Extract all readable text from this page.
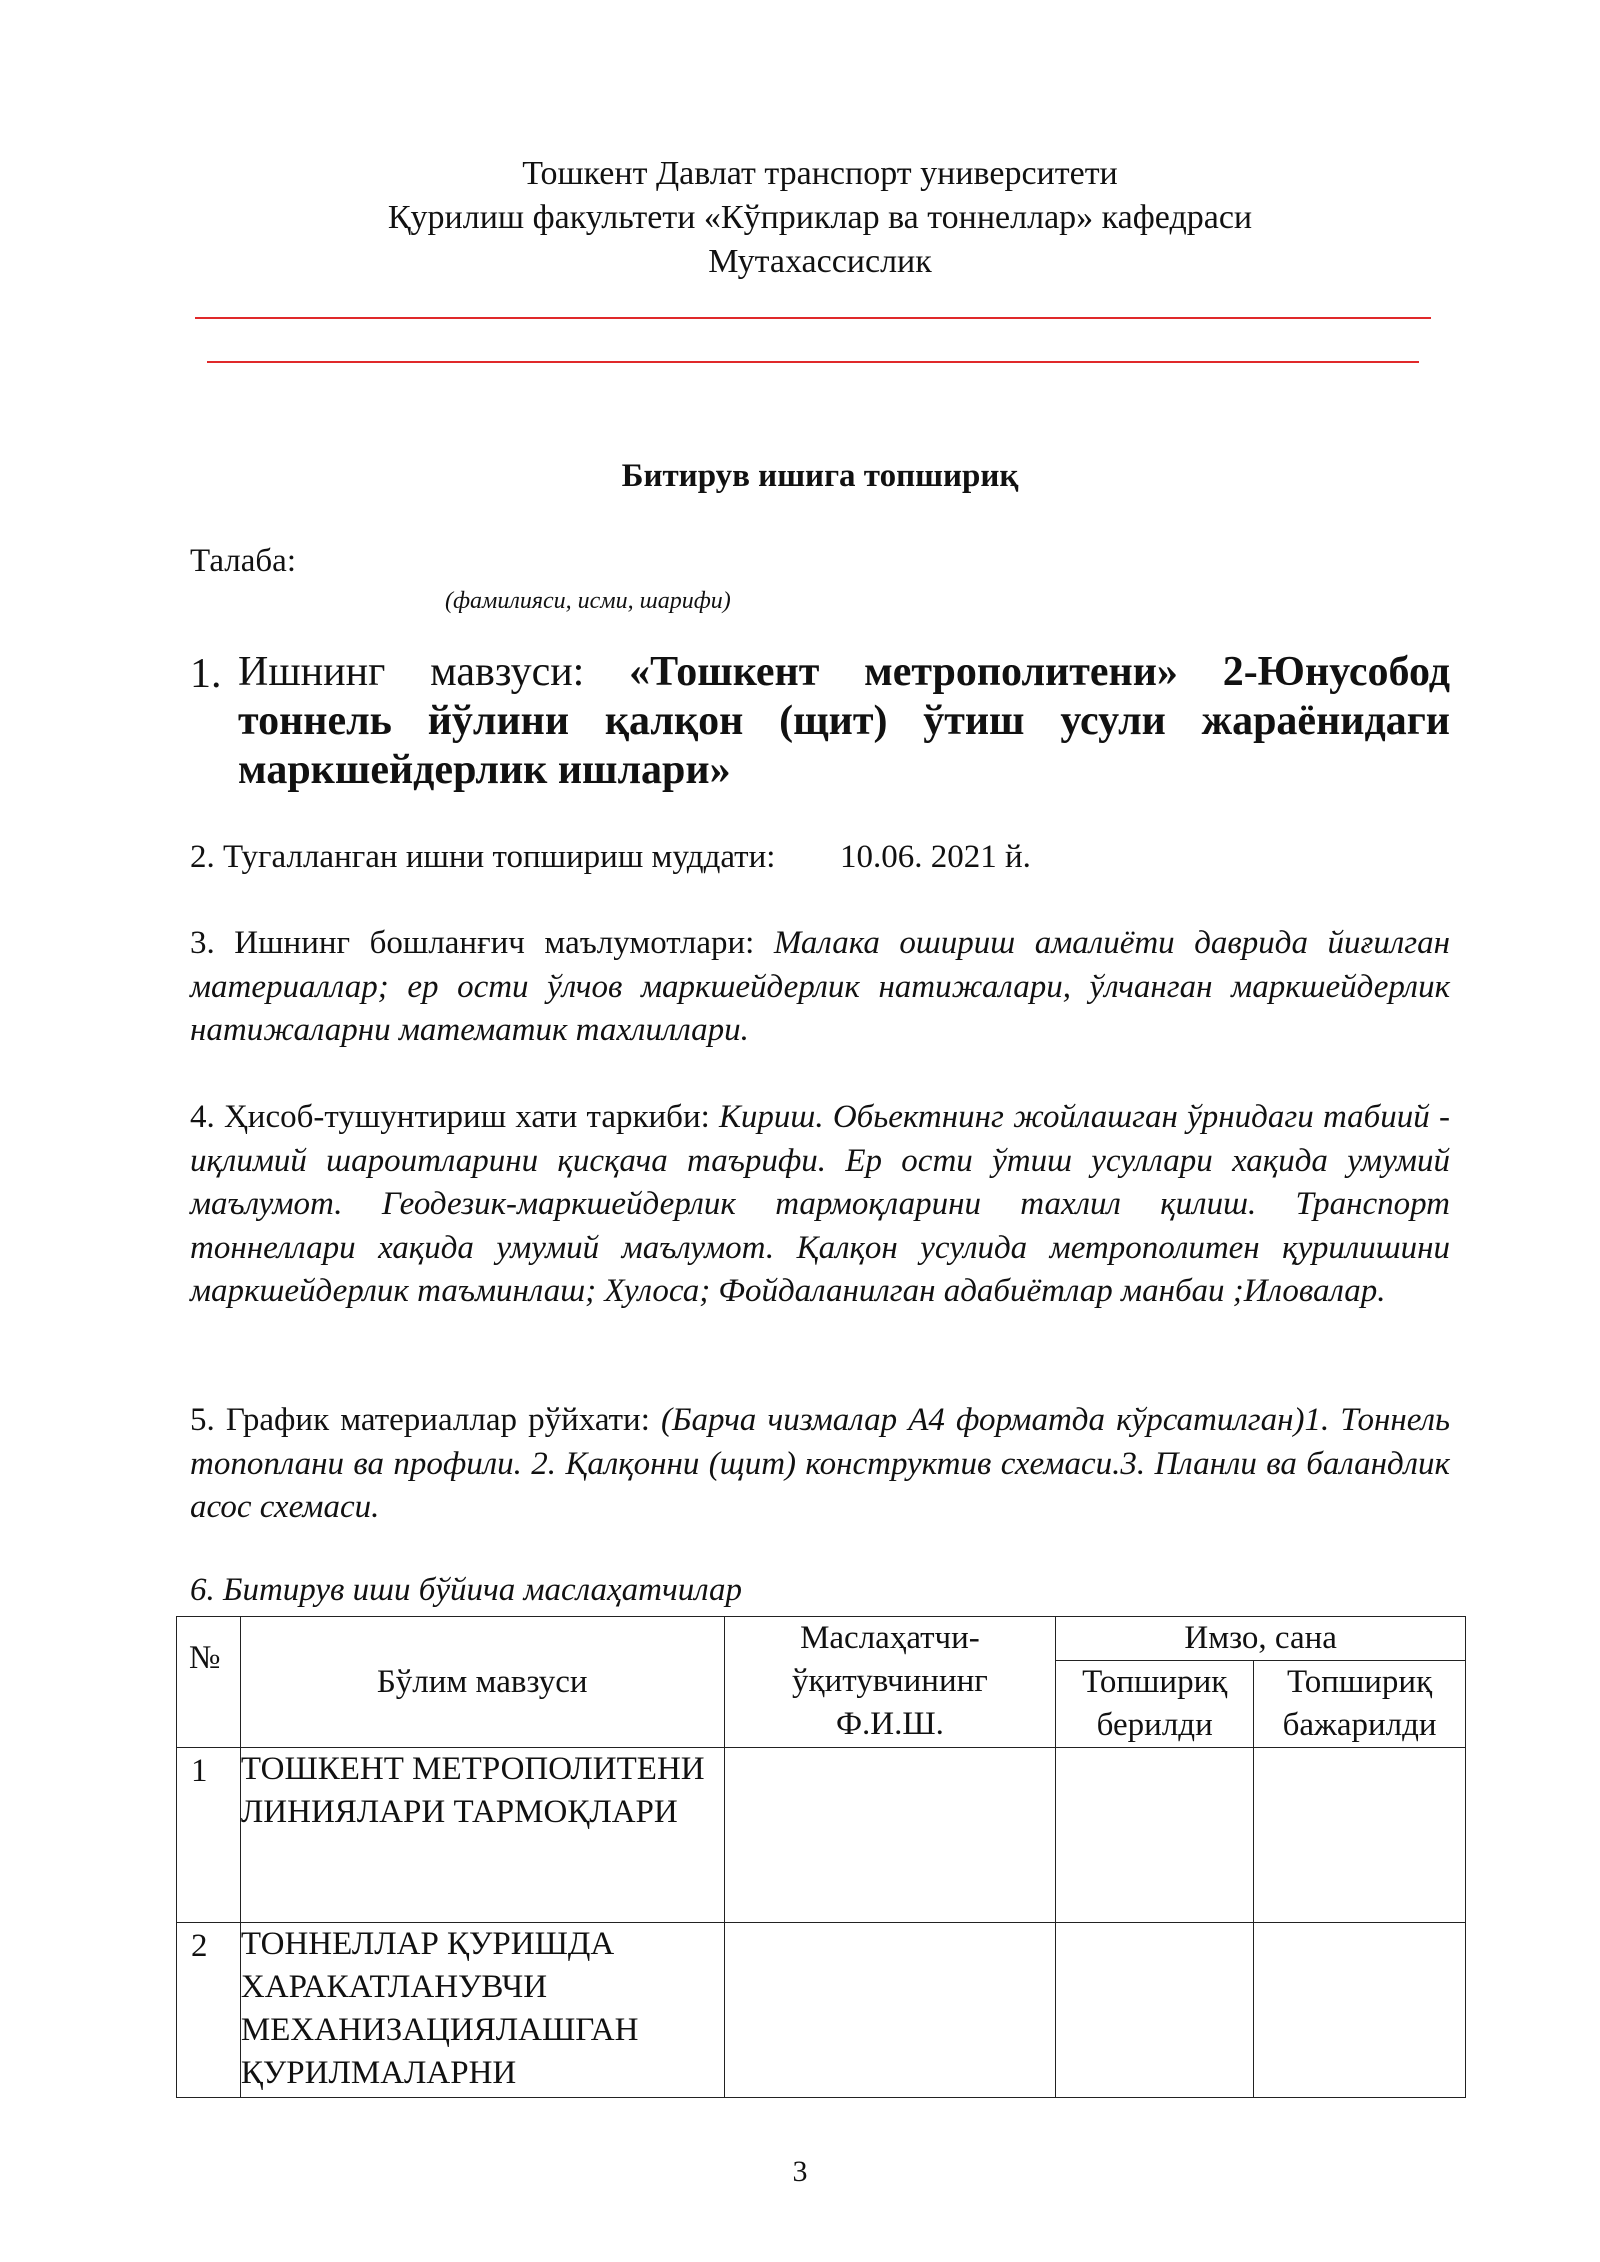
Тошкент Давлат транспорт университети
Қурилиш факультети «Кўприклар ва тоннеллар» кафедраси
Мутахассислик
Битирув ишига топшириқ
Талаба:
(фамилияси, исми, шарифи)
1. Ишнинг мавзуси: «Тошкент метрополитени» 2-Юнусобод тоннель йўлини қалқон (щит) ўтиш усули жараёнидаги маркшейдерлик ишлари»
2. Тугалланган ишни топшириш муддати: 10.06. 2021 й.
3. Ишнинг бошланғич маълумотлари: Малака ошириш амалиёти даврида йиғилган материаллар; ер ости ўлчов маркшейдерлик натижалари, ўлчанган маркшейдерлик натижаларни математик тахлиллари.
4. Ҳисоб-тушунтириш хати таркиби: Кириш. Обьектнинг жойлашган ўрнидаги табиий - иқлимий шароитларини қисқача таърифи. Ер ости ўтиш усуллари хақида умумий маълумот. Геодезик-маркшейдерлик тармоқларини тахлил қилиш. Транспорт тоннеллари хақида умумий маълумот. Қалқон усулида метрополитен қурилишини маркшейдерлик таъминлаш; Хулоса; Фойдаланилган адабиётлар манбаи ;Иловалар.
5. График материаллар рўйхати: (Барча чизмалар А4 форматда кўрсатилган)1. Тоннель топоплани ва профили. 2. Қалқонни (щит) конструктив схемаси.3. Планли ва баландлик асос схемаси.
6. Битирув иши бўйича маслаҳатчилар
№	Бўлим мавзуси	Маслаҳатчи-ўқитувчининг Ф.И.Ш.	Имзо, сана	
			Топшириқ берилди	Топшириқ бажарилди
1	ТОШКЕНТ МЕТРОПОЛИТЕНИ ЛИНИЯЛАРИ ТАРМОҚЛАРИ			
2	ТОННЕЛЛАР ҚУРИШДА ХАРАКАТЛАНУВЧИ МЕХАНИЗАЦИЯЛАШГАН ҚУРИЛМАЛАРНИ			
3
